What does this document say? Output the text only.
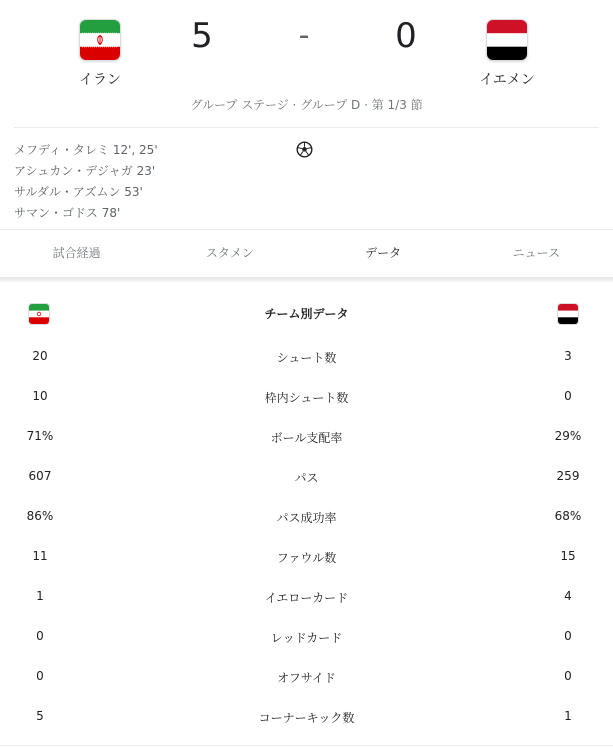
イラン
5	-	0
イエメン
グループ ステージ · グループ D · 第 1/3 節
メフディ・タレミ 12', 25'
アシュカン・デジャガ 23'
サルダル・アズムン 53'
サマン・ゴドス 78'
試合経過	スタメン	データ	ニュース
チーム別データ
20	シュート数	3
10	枠内シュート数	0
71%	ボール支配率	29%
607	パス	259
86%	パス成功率	68%
11	ファウル数	15
1	イエローカード	4
0	レッドカード	0
0	オフサイド	0
5	コーナーキック数	1
